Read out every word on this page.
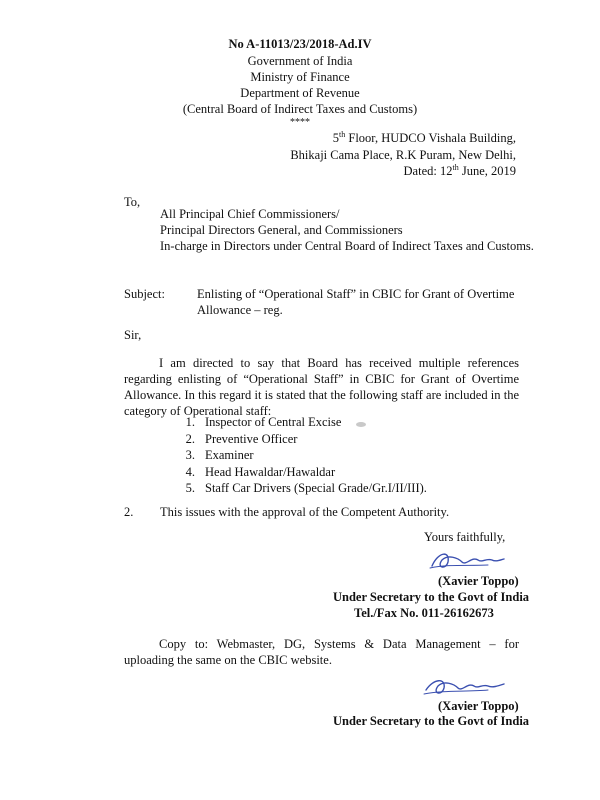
No A-11013/23/2018-Ad.IV
Government of India
Ministry of Finance
Department of Revenue
(Central Board of Indirect Taxes and Customs)
****
5th Floor, HUDCO Vishala Building,
Bhikaji Cama Place, R.K Puram, New Delhi,
Dated: 12th June, 2019
To,
All Principal Chief Commissioners/
Principal Directors General, and Commissioners
In-charge in Directors under Central Board of Indirect Taxes and Customs.
Subject:	Enlisting of “Operational Staff” in CBIC for Grant of Overtime
Allowance – reg.
Sir,
I am directed to say that Board has received multiple references regarding enlisting of “Operational Staff” in CBIC for Grant of Overtime Allowance. In this regard it is stated that the following staff are included in the category of Operational staff:
1. Inspector of Central Excise
2. Preventive Officer
3. Examiner
4. Head Hawaldar/Hawaldar
5. Staff Car Drivers (Special Grade/Gr.I/II/III).
2. This issues with the approval of the Competent Authority.
Yours faithfully,
(Xavier Toppo)
Under Secretary to the Govt of India
Tel./Fax No. 011-26162673
Copy to: Webmaster, DG, Systems & Data Management – for uploading the same on the CBIC website.
(Xavier Toppo)
Under Secretary to the Govt of India
